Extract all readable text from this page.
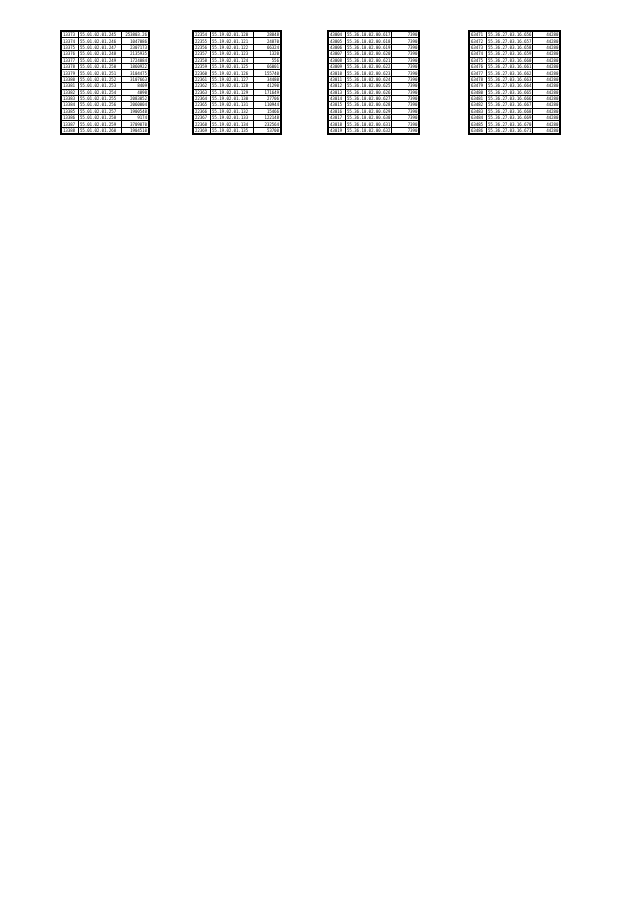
13373	55.01.02.01.245	253803.26
13374	55.01.02.01.246	1047086
13375	55.01.02.01.247	2307173
13376	55.01.02.01.248	2135935
13377	55.01.02.01.249	1724084
13378	55.01.02.01.250	1860922
13379	55.01.02.01.251	3104475
13380	55.01.02.01.252	3107663
13381	55.01.02.01.253	8409
13382	55.01.02.01.254	4090
13383	55.01.02.01.255	2083052
13384	55.01.02.01.256	2060004
13385	55.01.02.01.257	1900540
13386	55.01.02.01.258	9174
13387	55.01.02.01.259	3709070
13388	55.01.02.01.260	1904510
22354	55.19.02.01.120	28848
22355	55.19.02.01.121	24870
22356	55.19.02.01.122	66324
22357	55.19.02.01.123	1320
22358	55.19.02.01.124	556
22359	55.19.02.01.125	66001
22360	55.19.02.01.126	155740
22361	55.19.02.01.127	34480
22362	55.19.02.01.128	41290
22363	55.19.02.01.129	171649
22364	55.19.02.01.130	27706
22365	55.19.02.01.131	110944
22366	55.19.02.01.132	15466
22367	55.19.02.01.133	122148
22368	55.19.02.01.134	232564
22369	55.19.02.01.135	53700
43004	55.36.10.02.00.617	7390
43005	55.36.10.02.00.618	7390
43006	55.36.10.02.00.619	7390
43007	55.36.10.02.00.620	7390
43008	55.36.10.02.00.621	7390
43009	55.36.10.02.00.622	7390
43010	55.36.10.02.00.623	7390
43011	55.36.10.02.00.624	7390
43012	55.36.10.02.00.625	7390
43013	55.36.10.02.00.626	7390
43014	55.36.10.02.00.627	7390
43015	55.36.10.02.00.628	7390
43016	55.36.10.02.00.629	7390
43017	55.36.10.02.00.630	7390
43018	55.36.10.02.00.631	7390
43019	55.36.10.02.00.632	7390
63471	55.36.27.03.16.656	44280
63472	55.36.27.03.16.657	44280
63473	55.36.27.03.16.658	44280
63474	55.36.27.03.16.659	44280
63475	55.36.27.03.16.660	44280
63476	55.36.27.03.16.661	44280
63477	55.36.27.03.16.662	44280
63478	55.36.27.03.16.663	44280
63479	55.36.27.03.16.664	44280
63480	55.36.27.03.16.665	44280
63481	55.36.27.03.16.666	44280
63482	55.36.27.03.16.667	44280
63483	55.36.27.03.16.668	44280
63484	55.36.27.03.16.669	44280
63485	55.36.27.03.16.670	44280
63486	55.36.27.03.16.671	44280
